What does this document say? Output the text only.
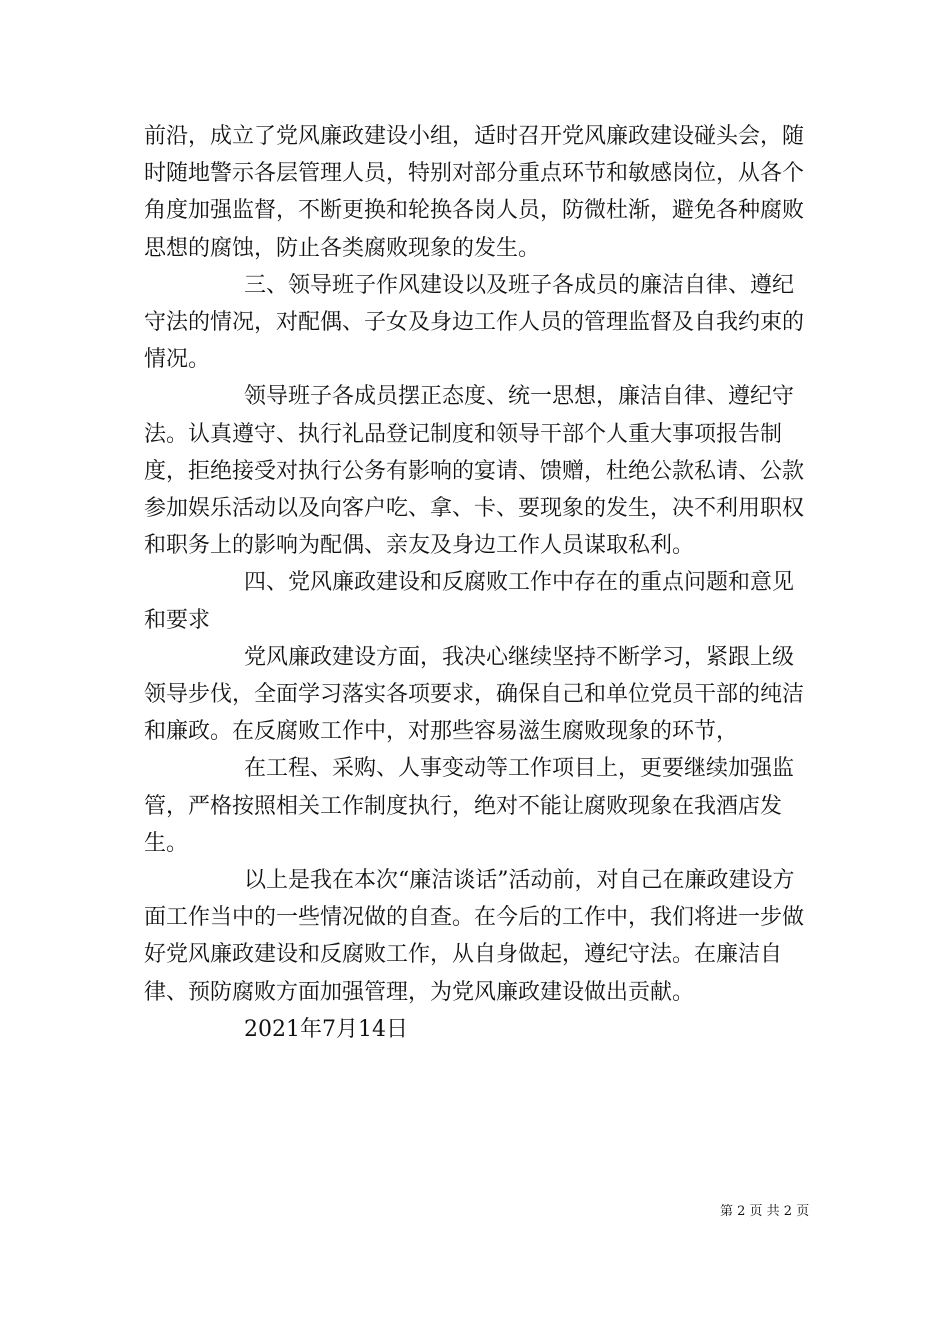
前沿，成立了党风廉政建设小组，适时召开党风廉政建设碰头会，随时随地警示各层管理人员，特别对部分重点环节和敏感岗位，从各个角度加强监督，不断更换和轮换各岗人员，防微杜渐，避免各种腐败思想的腐蚀，防止各类腐败现象的发生。

三、领导班子作风建设以及班子各成员的廉洁自律、遵纪守法的情况，对配偶、子女及身边工作人员的管理监督及自我约束的情况。

领导班子各成员摆正态度、统一思想，廉洁自律、遵纪守法。认真遵守、执行礼品登记制度和领导干部个人重大事项报告制度，拒绝接受对执行公务有影响的宴请、馈赠，杜绝公款私请、公款参加娱乐活动以及向客户吃、拿、卡、要现象的发生，决不利用职权和职务上的影响为配偶、亲友及身边工作人员谋取私利。

四、党风廉政建设和反腐败工作中存在的重点问题和意见和要求

党风廉政建设方面，我决心继续坚持不断学习，紧跟上级领导步伐，全面学习落实各项要求，确保自己和单位党员干部的纯洁和廉政。在反腐败工作中，对那些容易滋生腐败现象的环节，

在工程、采购、人事变动等工作项目上，更要继续加强监管，严格按照相关工作制度执行，绝对不能让腐败现象在我酒店发生。

以上是我在本次“廉洁谈话”活动前，对自己在廉政建设方面工作当中的一些情况做的自查。在今后的工作中，我们将进一步做好党风廉政建设和反腐败工作，从自身做起，遵纪守法。在廉洁自律、预防腐败方面加强管理，为党风廉政建设做出贡献。

2021年7月14日

第 2 页 共 2 页
